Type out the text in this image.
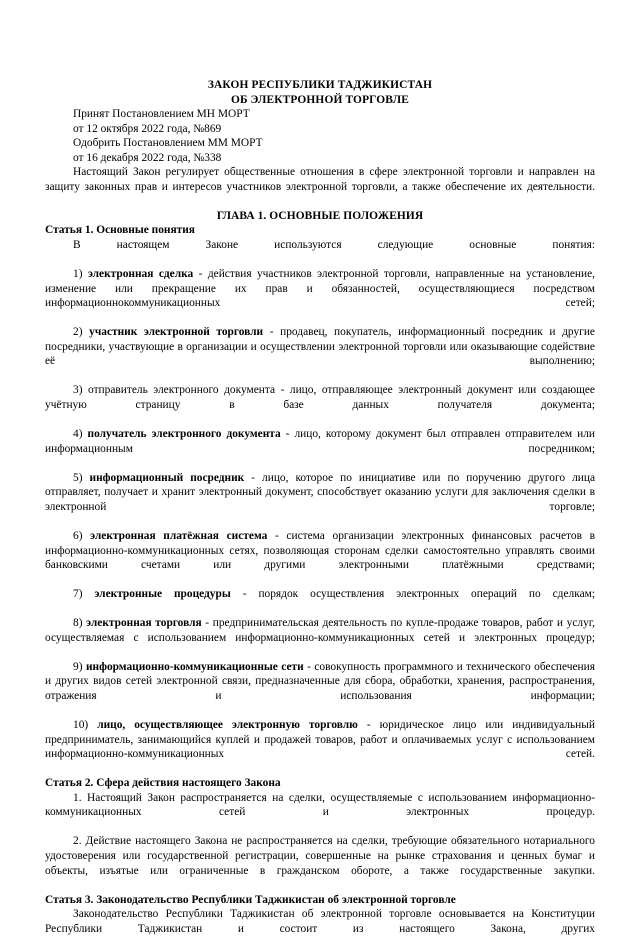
ЗАКОН РЕСПУБЛИКИ ТАДЖИКИСТАН
ОБ ЭЛЕКТРОННОЙ ТОРГОВЛЕ

Принят Постановлением МН МОРТ

от 12 октября 2022 года, №869

Одобрить Постановлением ММ МОРТ

от 16 декабря 2022 года, №338

Настоящий Закон регулирует общественные отношения в сфере электронной торговли и направлен на защиту законных прав и интересов участников электронной торговли, а также обеспечение их деятельности.

ГЛАВА 1. ОСНОВНЫЕ ПОЛОЖЕНИЯ
Статья 1. Основные понятия

В настоящем Законе используются следующие основные понятия:

1) электронная сделка - действия участников электронной торговли, направленные на установление, изменение или прекращение их прав и обязанностей, осуществляющиеся посредством информационнокоммуникационных сетей;

2) участник электронной торговли - продавец, покупатель, информационный посредник и другие посредники, участвующие в организации и осуществлении электронной торговли или оказывающие содействие её выполнению;

3) отправитель электронного документа - лицо, отправляющее электронный документ или создающее учётную страницу в базе данных получателя документа;

4) получатель электронного документа - лицо, которому документ был отправлен отправителем или информационным посредником;

5) информационный посредник - лицо, которое по инициативе или по поручению другого лица отправляет, получает и хранит электронный документ, способствует оказанию услуги для заключения сделки в электронной торговле;

6) электронная платёжная система - система организации электронных финансовых расчетов в информационно-коммуникационных сетях, позволяющая сторонам сделки самостоятельно управлять своими банковскими счетами или другими электронными платёжными средствами;

7) электронные процедуры - порядок осуществления электронных операций по сделкам;

8) электронная торговля - предпринимательская деятельность по купле-продаже товаров, работ и услуг, осуществляемая с использованием информационно-коммуникационных сетей и электронных процедур;

9) информационно-коммуникационные сети - совокупность программного и технического обеспечения и других видов сетей электронной связи, предназначенные для сбора, обработки, хранения, распространения, отражения и использования информации;

10) лицо, осуществляющее электронную торговлю - юридическое лицо или индивидуальный предприниматель, занимающийся куплей и продажей товаров, работ и оплачиваемых услуг с использованием информационно-коммуникационных сетей.

Статья 2. Сфера действия настоящего Закона

1. Настоящий Закон распространяется на сделки, осуществляемые с использованием информационно-коммуникационных сетей и электронных процедур.

2. Действие настоящего Закона не распространяется на сделки, требующие обязательного нотариального удостоверения или государственной регистрации, совершенные на рынке страхования и ценных бумаг и объекты, изъятые или ограниченные в гражданском обороте, а также государственные закупки.

Статья 3. Законодательство Республики Таджикистан об электронной торговле

Законодательство Республики Таджикистан об электронной торговле основывается на Конституции Республики Таджикистан и состоит из настоящего Закона, других
